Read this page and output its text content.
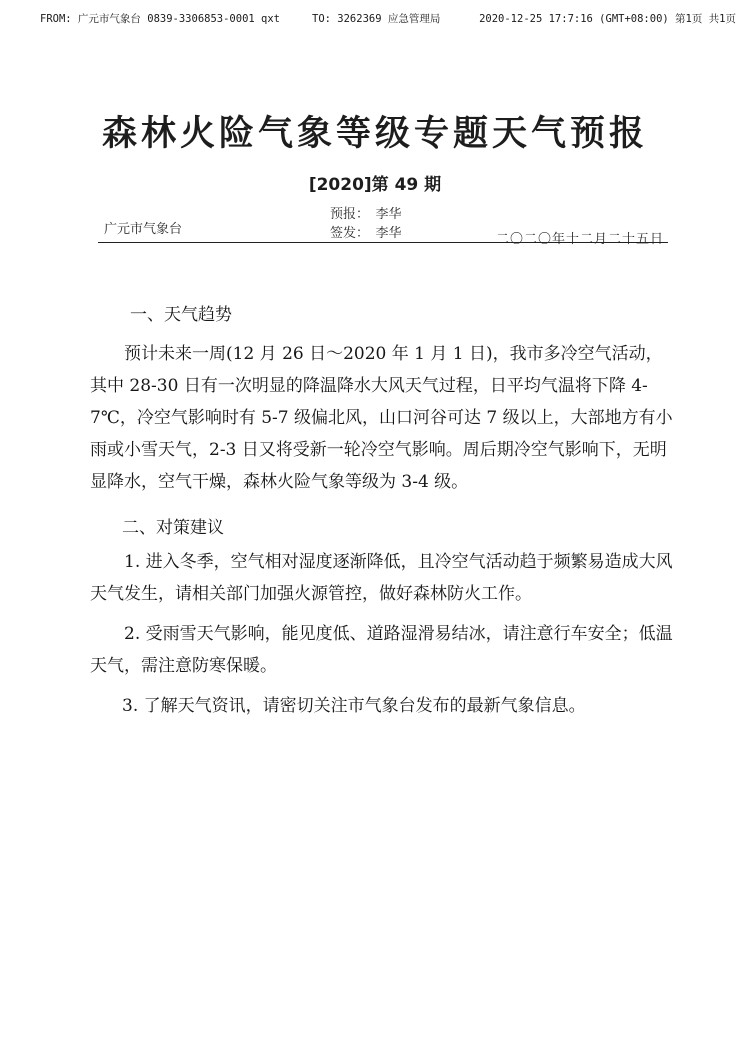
FROM: 广元市气象台 0839-3306853-0001 qxt	TO: 3262369 应急管理局	2020-12-25 17:7:16 (GMT+08:00) 第1页 共1页
森林火险气象等级专题天气预报
[2020]第 49 期
广元市气象台
预报：　李华
签发：　李华	二〇二〇年十二月二十五日
一、天气趋势
预计未来一周(12 月 26 日～2020 年 1 月 1 日)，我市多冷空气活动，其中 28-30 日有一次明显的降温降水大风天气过程，日平均气温将下降 4-7℃，冷空气影响时有 5-7 级偏北风，山口河谷可达 7 级以上，大部地方有小雨或小雪天气，2-3 日又将受新一轮冷空气影响。周后期冷空气影响下，无明显降水，空气干燥，森林火险气象等级为 3-4 级。
二、对策建议
1. 进入冬季，空气相对湿度逐渐降低，且冷空气活动趋于频繁易造成大风天气发生，请相关部门加强火源管控，做好森林防火工作。
2. 受雨雪天气影响，能见度低、道路湿滑易结冰，请注意行车安全；低温天气，需注意防寒保暖。
3. 了解天气资讯，请密切关注市气象台发布的最新气象信息。
